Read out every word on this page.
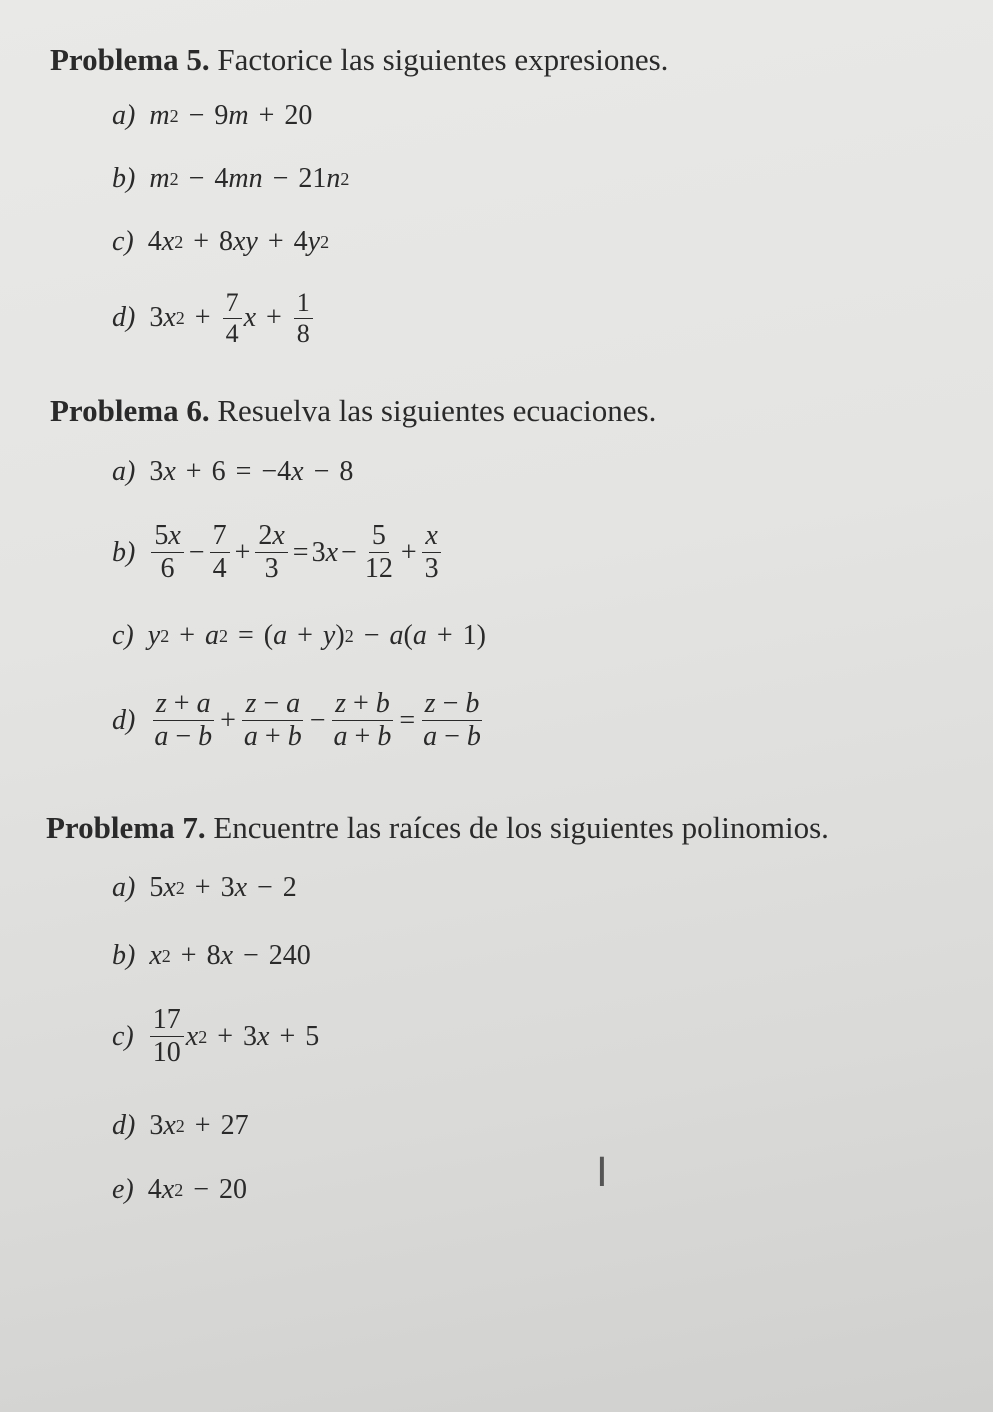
Problema 5. Factorice las siguientes expresiones.
a) m 2 − 9 m + 20
b) m 2 − 4 mn − 21 n 2
c) 4 x 2 + 8 xy + 4 y 2
d) 3 x $2 + \frac{7}{4}$ $x + \frac{1}{8}$
Problema 6. Resuelva las siguientes ecuaciones.
a) 3 x + 6 = −4 x − 8
$b) \frac{5x}{6} - \frac{7}{4} + \frac{2x}{3} = 3$ $x - \frac{5}{12} + \frac{x}{3}$
c) y 2 + a 2 = ( a + y ) 2 − a ( a + 1)
$d) \frac{z + a}{a - b} + \frac{z - a}{a + b} - \frac{z + b}{a + b} = \frac{z - b}{a - b}$
Problema 7. Encuentre las raíces de los siguientes polinomios.
a) 5 x 2 + 3 x − 2
b) x 2 + 8 x − 240
$c) \frac{17}{10}$ x 2 + 3 x + 5
d) 3 x 2 + 27
e) 4 x 2 − 20	I
